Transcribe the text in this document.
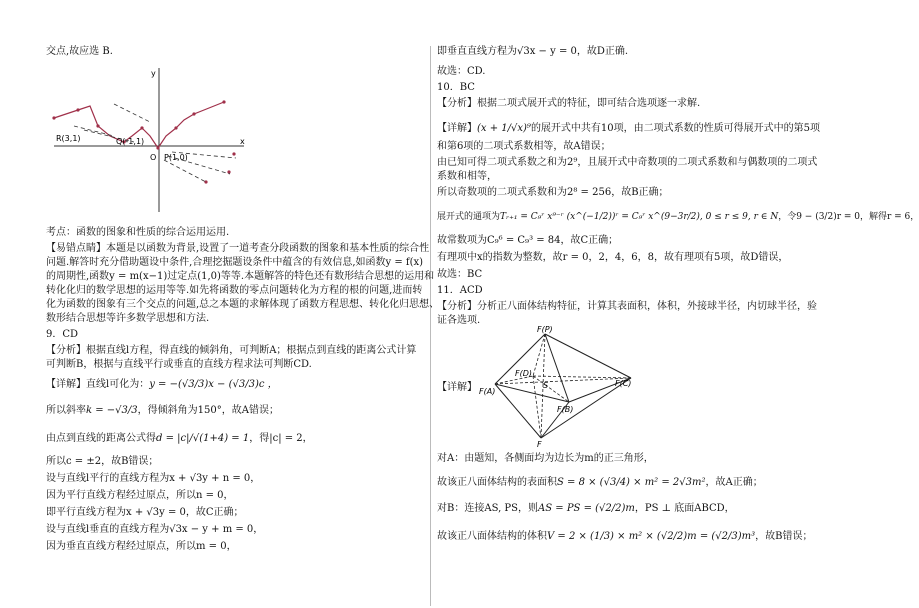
交点,故应选 B.
y
x
R(3,1)	Q(-1,1)
O P(1,0)
考点：函数的图象和性质的综合运用运用.
【易错点睛】本题是以函数为背景,设置了一道考查分段函数的图象和基本性质的综合性
问题.解答时充分借助题设中条件,合理挖掘题设条件中蕴含的有效信息,如函数y = f(x)
的周期性,函数y = m(x−1)过定点(1,0)等等.本题解答的特色还有数形结合思想的运用和
转化化归的数学思想的运用等等.如先将函数的零点问题转化为方程的根的问题,进而转
化为函数的图象有三个交点的问题,总之本题的求解体现了函数方程思想、转化化归思想、
数形结合思想等许多数学思想和方法.
9．CD
【分析】根据直线l方程，得直线的倾斜角，可判断A；根据点到直线的距离公式计算
可判断B，根据与直线平行或垂直的直线方程求法可判断CD.
【详解】直线l可化为：y = −(√3/3)x − (√3/3)c ，
所以斜率k = −√3/3，得倾斜角为150°，故A错误；
由点到直线的距离公式得d = |c|/√(1+4) = 1，得|c| = 2，
所以c = ±2，故B错误；
设与直线l平行的直线方程为x + √3y + n = 0，
因为平行直线方程经过原点，所以n = 0，
即平行直线方程为x + √3y = 0，故C正确；
设与直线l垂直的直线方程为√3x − y + m = 0，
因为垂直直线方程经过原点，所以m = 0，
即垂直直线方程为√3x − y = 0，故D正确.
故选：CD.
10．BC
【分析】根据二项式展开式的特征，即可结合选项逐一求解.
【详解】(x + 1/√x)⁹的展开式中共有10项，由二项式系数的性质可得展开式中的第5项
和第6项的二项式系数相等，故A错误；
由已知可得二项式系数之和为2⁹，且展开式中奇数项的二项式系数和与偶数项的二项式
系数和相等，
所以奇数项的二项式系数和为2⁸ = 256，故B正确；
展开式的通项为Tᵣ₊₁ = C₉ʳ x⁹⁻ʳ (x^(−1/2))ʳ = C₉ʳ x^(9−3r/2), 0 ≤ r ≤ 9, r ∈ N，令9 − (3/2)r = 0，解得r = 6，
故常数项为C₉⁶ = C₉³ = 84，故C正确；
有理项中x的指数为整数，故r = 0，2，4，6，8，故有理项有5项，故D错误，
故选：BC
11．ACD
【分析】分析正八面体结构特征，计算其表面积，体积，外接球半径，内切球半径，验
证各选项.
【详解】
F(P)
F(D)
F(A)
F(C)
F(B)
S
F
对A：由题知，各侧面均为边长为m的正三角形，
故该正八面体结构的表面积S = 8 × (√3/4) × m² = 2√3m²，故A正确；
对B：连接AS, PS，则AS = PS = (√2/2)m，PS ⊥ 底面ABCD，
故该正八面体结构的体积V = 2 × (1/3) × m² × (√2/2)m = (√2/3)m³，故B错误；
